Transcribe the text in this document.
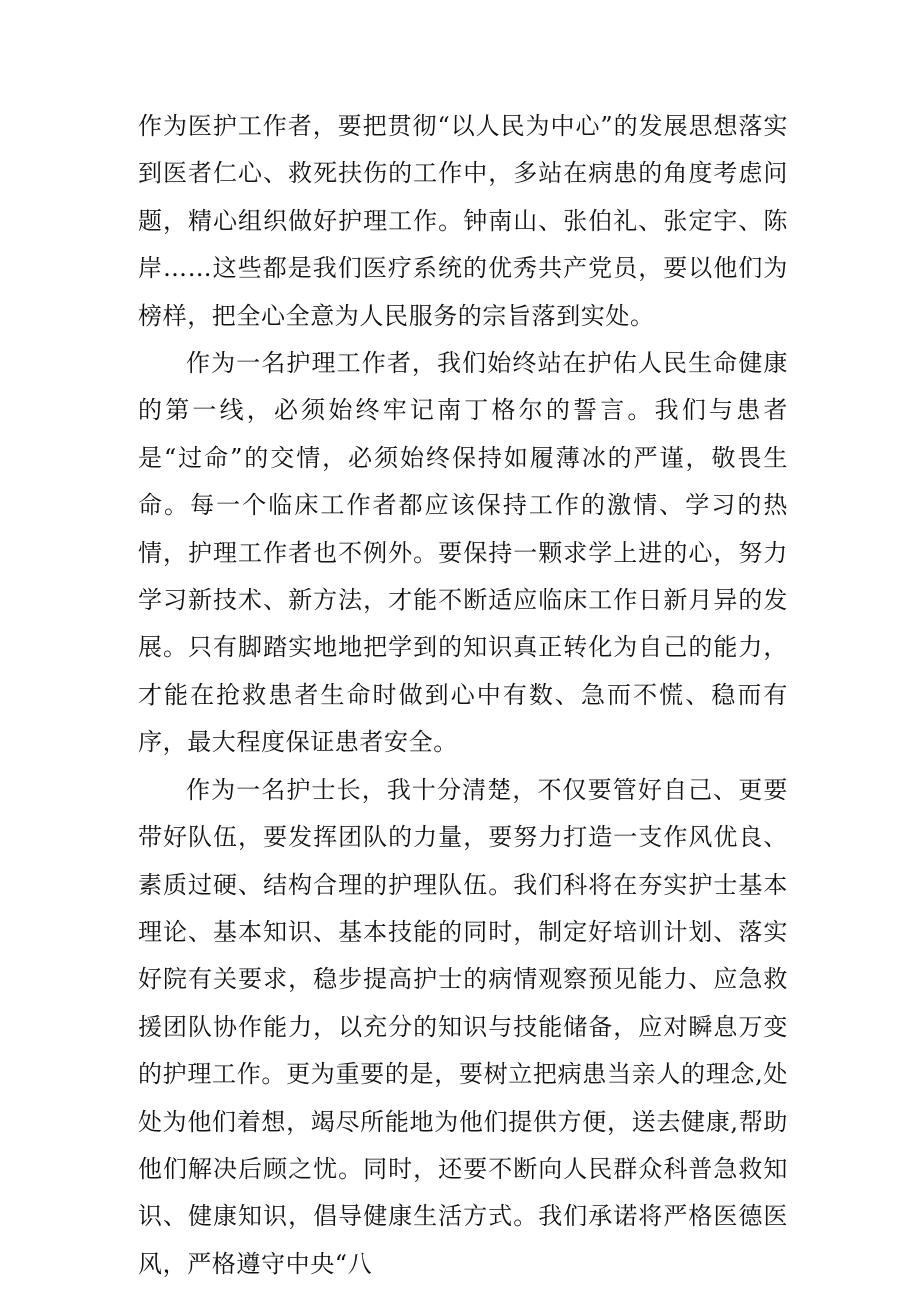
作为医护工作者，要把贯彻“以人民为中心”的发展思想落实到医者仁心、救死扶伤的工作中，多站在病患的角度考虑问题，精心组织做好护理工作。钟南山、张伯礼、张定宇、陈岸……这些都是我们医疗系统的优秀共产党员，要以他们为榜样，把全心全意为人民服务的宗旨落到实处。

作为一名护理工作者，我们始终站在护佑人民生命健康的第一线，必须始终牢记南丁格尔的誓言。我们与患者是“过命”的交情，必须始终保持如履薄冰的严谨，敬畏生命。每一个临床工作者都应该保持工作的激情、学习的热情，护理工作者也不例外。要保持一颗求学上进的心，努力学习新技术、新方法，才能不断适应临床工作日新月异的发展。只有脚踏实地地把学到的知识真正转化为自己的能力，才能在抢救患者生命时做到心中有数、急而不慌、稳而有序，最大程度保证患者安全。

作为一名护士长，我十分清楚，不仅要管好自己、更要带好队伍，要发挥团队的力量，要努力打造一支作风优良、素质过硬、结构合理的护理队伍。我们科将在夯实护士基本理论、基本知识、基本技能的同时，制定好培训计划、落实好院有关要求，稳步提高护士的病情观察预见能力、应急救援团队协作能力，以充分的知识与技能储备，应对瞬息万变的护理工作。更为重要的是，要树立把病患当亲人的理念,处处为他们着想，竭尽所能地为他们提供方便，送去健康,帮助他们解决后顾之忧。同时，还要不断向人民群众科普急救知识、健康知识，倡导健康生活方式。我们承诺将严格医德医风，严格遵守中央“八
